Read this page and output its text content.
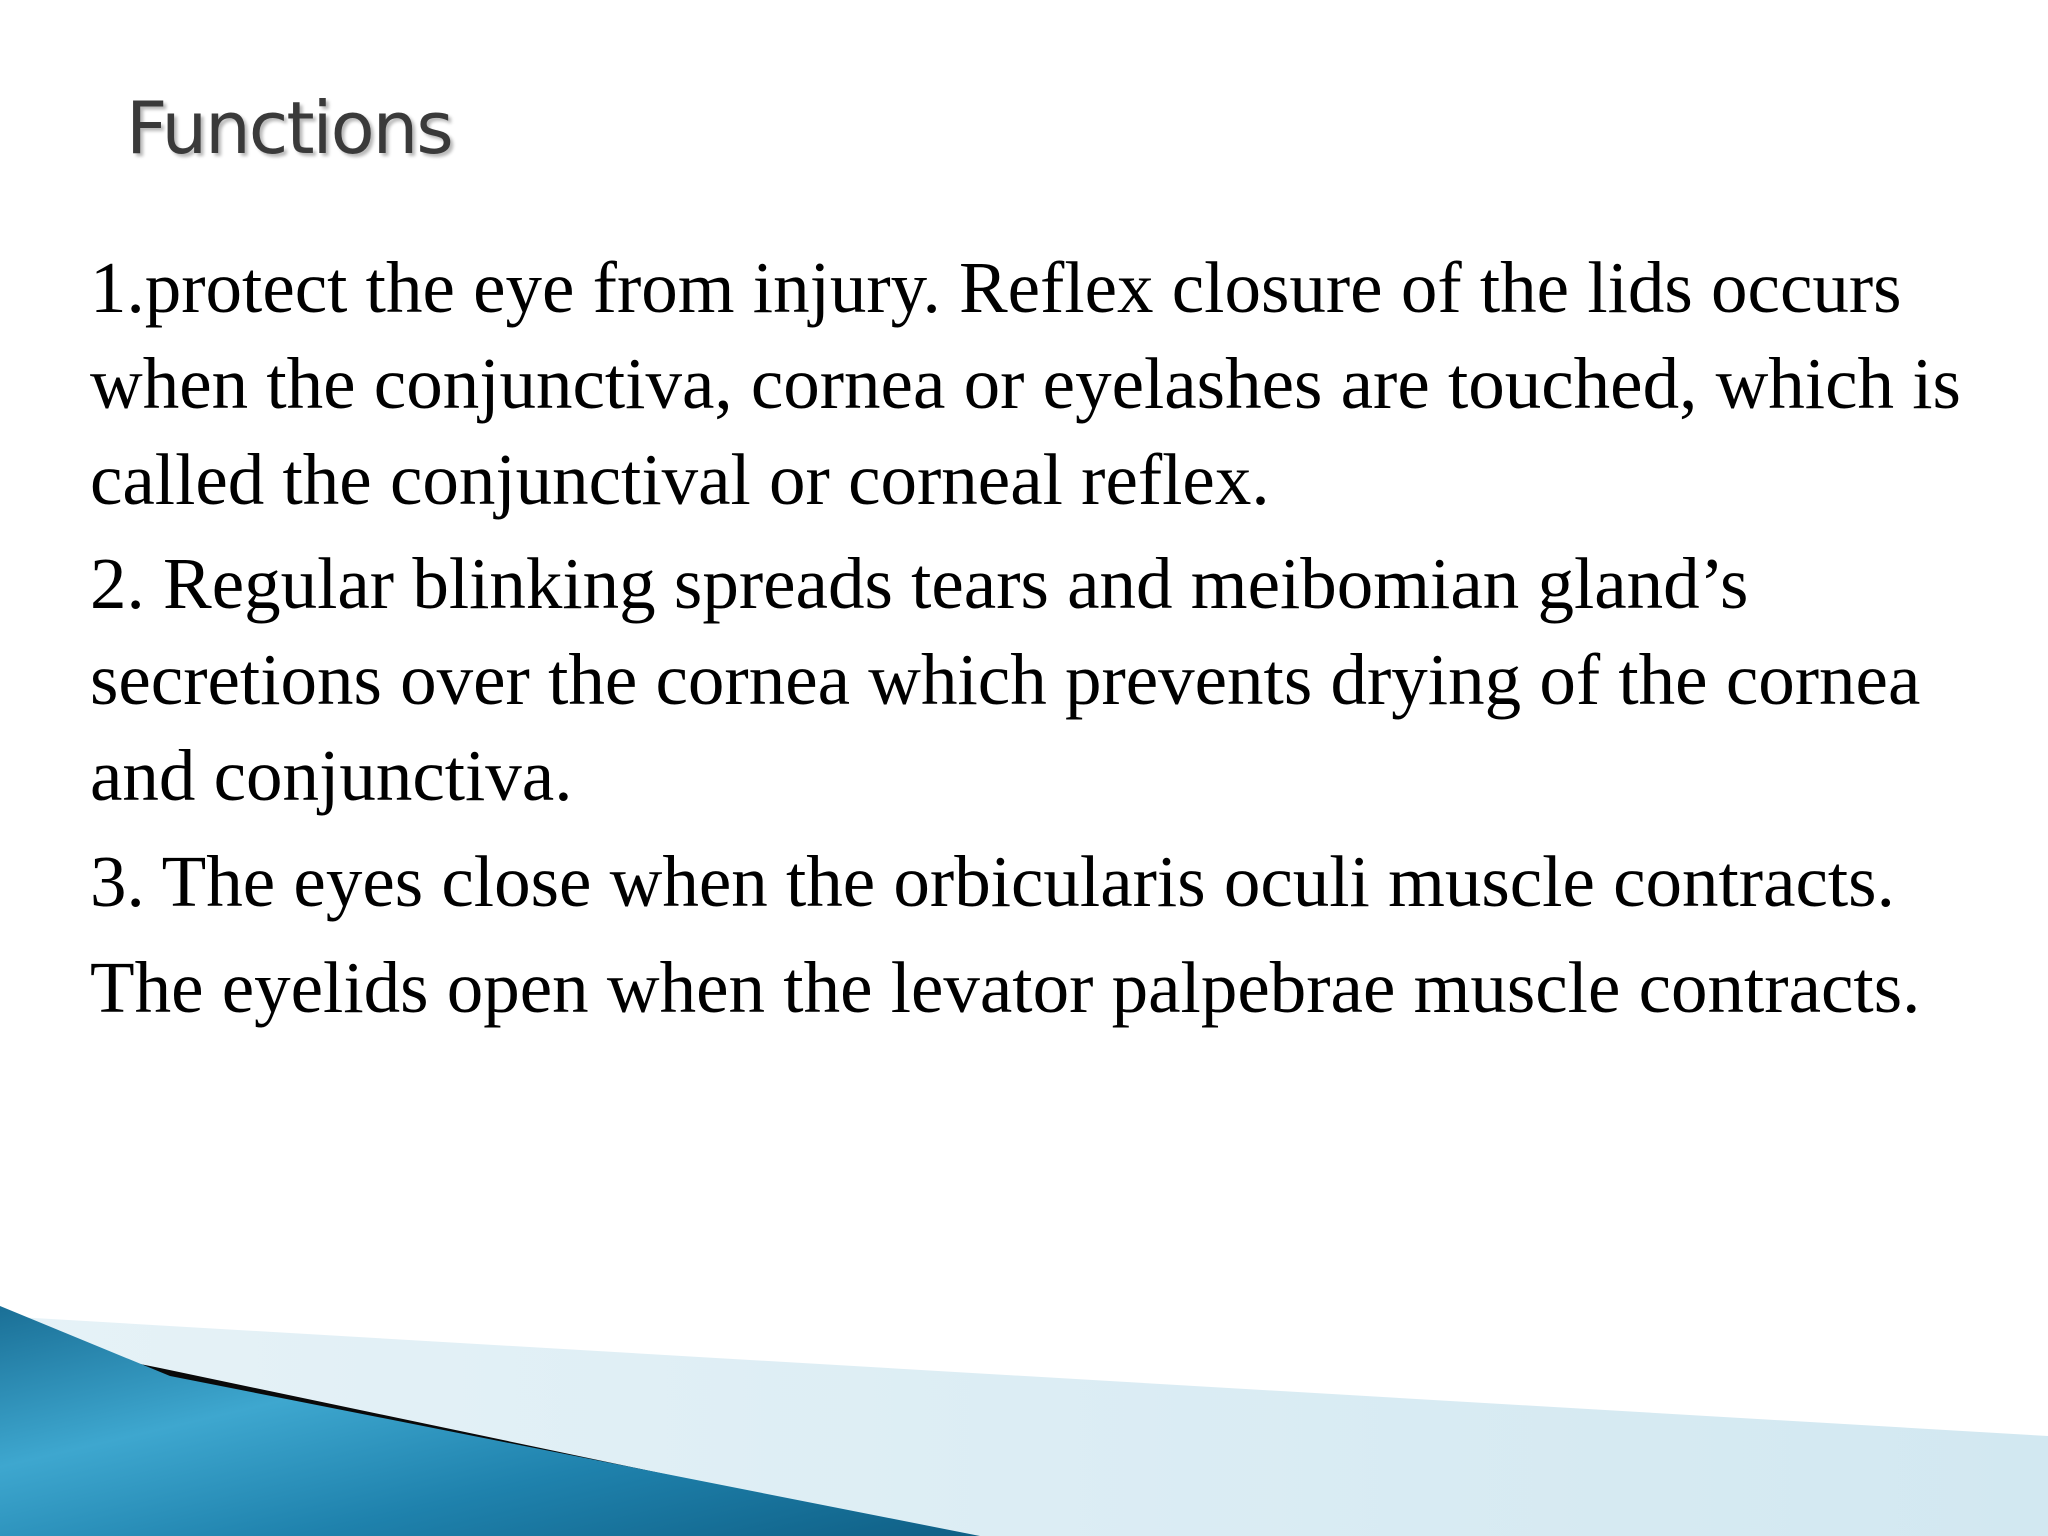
Functions

1.protect the eye from injury. Reflex closure of the lids occurs when the conjunctiva, cornea or eyelashes are touched, which is called the conjunctival or corneal reflex.

2. Regular blinking spreads tears and meibomian gland’s secretions over the cornea which prevents drying of the cornea and conjunctiva.

3. The eyes close when the orbicularis oculi muscle contracts.

The eyelids open when the levator palpebrae muscle contracts.
